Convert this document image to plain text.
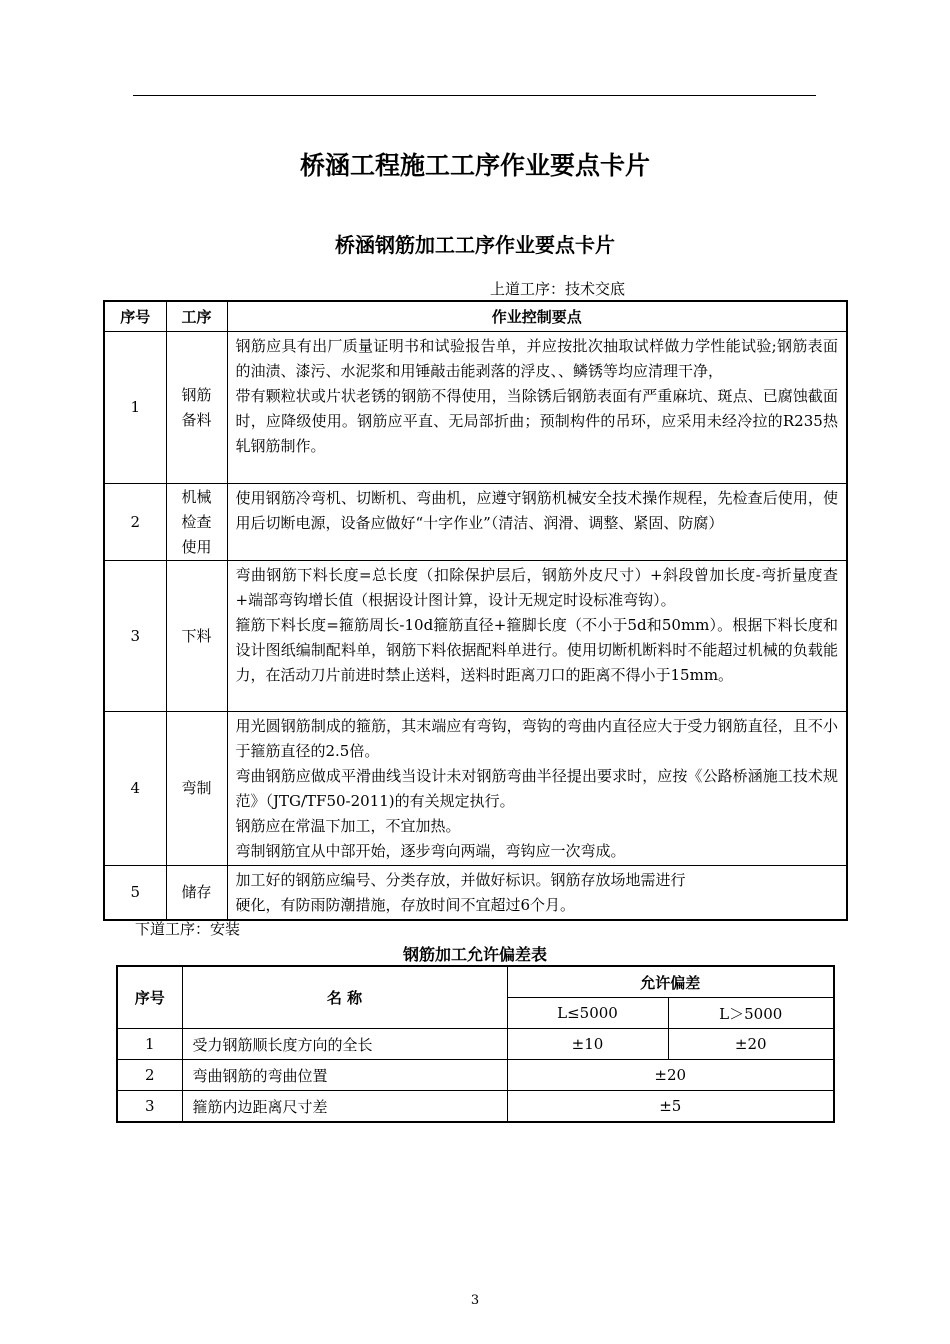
桥涵工程施工工序作业要点卡片
桥涵钢筋加工工序作业要点卡片
上道工序：技术交底
序号	工序	作业控制要点
1	钢筋备料	钢筋应具有出厂质量证明书和试验报告单，并应按批次抽取试样做力学性能试验;钢筋表面的油渍、漆污、水泥浆和用锤敲击能剥落的浮皮、、鳞锈等均应清理干净，

带有颗粒状或片状老锈的钢筋不得使用，当除锈后钢筋表面有严重麻坑、斑点、已腐蚀截面时，应降级使用。钢筋应平直、无局部折曲；预制构件的吊环，应采用未经冷拉的R235热轧钢筋制作。

2	机械检查使用	使用钢筋冷弯机、切断机、弯曲机，应遵守钢筋机械安全技术操作规程，先检查后使用，使用后切断电源，设备应做好“十字作业”（清洁、润滑、调整、紧固、防腐）

3	下料	弯曲钢筋下料长度=总长度（扣除保护层后，钢筋外皮尺寸）+斜段曾加长度-弯折量度查+端部弯钩增长值（根据设计图计算，设计无规定时设标准弯钩）。

箍筋下料长度=箍筋周长-10d箍筋直径+箍脚长度（不小于5d和50mm）。根据下料长度和设计图纸编制配料单，钢筋下料依据配料单进行。使用切断机断料时不能超过机械的负载能力，在活动刀片前进时禁止送料，送料时距离刀口的距离不得小于15mm。

4	弯制	用光圆钢筋制成的箍筋，其末端应有弯钩，弯钩的弯曲内直径应大于受力钢筋直径，且不小于箍筋直径的2.5倍。

弯曲钢筋应做成平滑曲线当设计未对钢筋弯曲半径提出要求时，应按《公路桥涵施工技术规范》（JTG/TF50-2011)的有关规定执行。

钢筋应在常温下加工，不宜加热。

弯制钢筋宜从中部开始，逐步弯向两端，弯钩应一次弯成。

5	储存	加工好的钢筋应编号、分类存放，并做好标识。钢筋存放场地需进行

硬化，有防雨防潮措施，存放时间不宜超过6个月。

下道工序：安装
钢筋加工允许偏差表
序号	名 称	允许偏差	
		L≤5000	L＞5000
1	受力钢筋顺长度方向的全长	±10	±20
2	弯曲钢筋的弯曲位置	±20	
3	箍筋内边距离尺寸差	±5	
3
